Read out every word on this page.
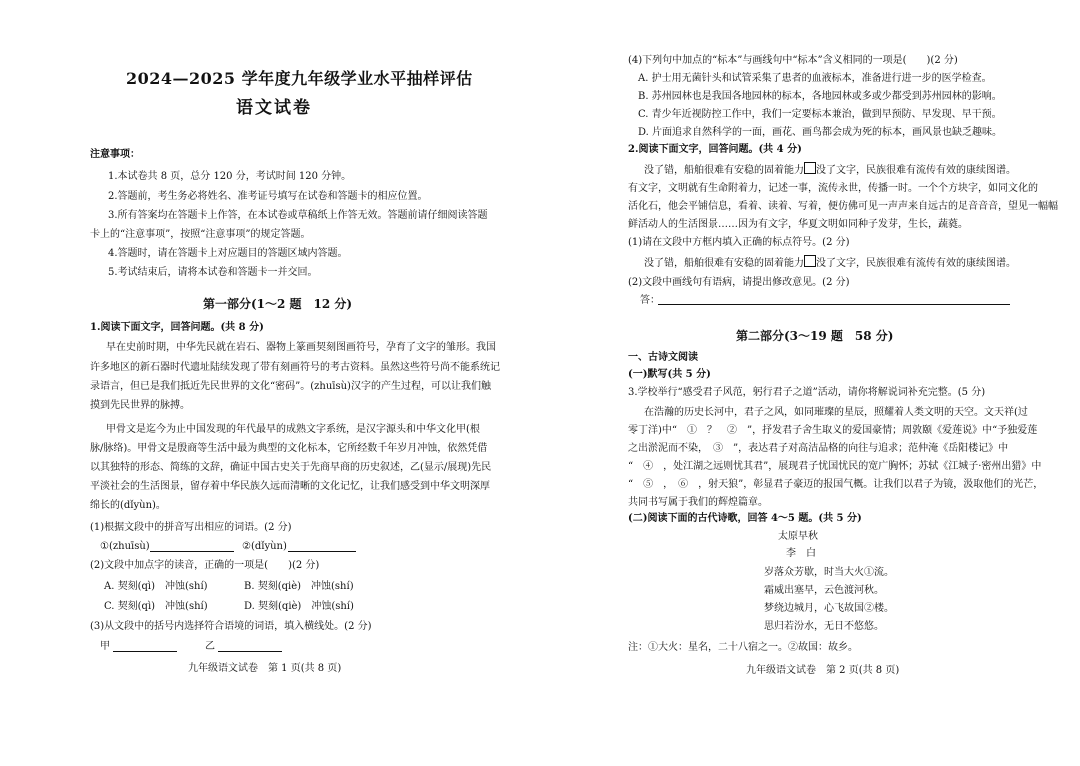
2024—2025 学年度九年级学业水平抽样评估
语文试卷
注意事项：
1.本试卷共 8 页，总分 120 分，考试时间 120 分钟。
2.答题前，考生务必将姓名、准考证号填写在试卷和答题卡的相应位置。
3.所有答案均在答题卡上作答，在本试卷或草稿纸上作答无效。答题前请仔细阅读答题
卡上的“注意事项”，按照“注意事项”的规定答题。
4.答题时，请在答题卡上对应题目的答题区域内答题。
5.考试结束后，请将本试卷和答题卡一并交回。
第一部分(1～2 题　12 分)
1.阅读下面文字，回答问题。(共 8 分)
早在史前时期，中华先民就在岩石、器物上篆画契刻图画符号，孕育了文字的雏形。我国
许多地区的新石器时代遗址陆续发现了带有刻画符号的考古资料。虽然这些符号尚不能系统记
录语言，但已是我们抵近先民世界的文化“密码”。(zhuīsù)汉字的产生过程，可以让我们触
摸到先民世界的脉搏。
甲骨文是迄今为止中国发现的年代最早的成熟文字系统，是汉字源头和中华文化甲(根
脉/脉络)。甲骨文是殷商等生活中最为典型的文化标本，它所经数千年岁月冲蚀，依然凭借
以其独特的形态、简练的文辞，确证中国古史关于先商早商的历史叙述，乙(显示/展现)先民
平淡社会的生活图景，留存着中华民族久远而清晰的文化记忆，让我们感受到中华文明深厚
绵长的(dǐyùn)。
(1)根据文段中的拼音写出相应的词语。(2 分)
①(zhuīsù)	②(dǐyùn)
(2)文段中加点字的读音，正确的一项是(　　)(2 分)
A. 契刻(qì)　冲蚀(shí)	B. 契刻(qiè)　冲蚀(shí)
C. 契刻(qì)　冲蚀(shí)	D. 契刻(qiè)　冲蚀(shí)
(3)从文段中的括号内选择符合语境的词语，填入横线处。(2 分)
甲	乙
九年级语文试卷　第 1 页(共 8 页)
(4)下列句中加点的“标本”与画线句中“标本”含义相同的一项是(　　)(2 分)
A. 护士用无菌针头和试管采集了患者的血液标本，准备进行进一步的医学检查。
B. 苏州园林也是我国各地园林的标本，各地园林或多或少都受到苏州园林的影响。
C. 青少年近视防控工作中，我们一定要标本兼治，做到早预防、早发现、早干预。
D. 片面追求自然科学的一面，画花、画鸟都会成为死的标本，画风景也缺乏趣味。
2.阅读下面文字，回答问题。(共 4 分)
没了错，船舶很难有安稳的固着能力 没了文字，民族很难有流传有效的康续图谱。
有文字，文明就有生命附着力，记述一事，流传永世，传播一时。一个个方块字，如同文化的
活化石，他会平铺信息，看着、读着、写着，便仿佛可见一声声来自远古的足音音音，望见一幅幅
鲜活动人的生活图景……因为有文字，华夏文明如同种子发芽，生长，蔬蕤。
(1)请在文段中方框内填入正确的标点符号。(2 分)
没了错，船舶很难有安稳的固着能力 没了文字，民族很难有流传有效的康续图谱。
(2)文段中画线句有语病，请提出修改意见。(2 分)
答：
第二部分(3～19 题　58 分)
一、古诗文阅读
(一)默写(共 5 分)
3.学校举行“感受君子风范，躬行君子之道”活动，请你将解说词补充完整。(5 分)
在浩瀚的历史长河中，君子之风，如同璀璨的星辰，照耀着人类文明的天空。文天祥(过
零丁洋)中“　①　？　②　”，抒发君子舍生取义的爱国豪情；周敦颐《爱莲说》中“予独爱莲
之出淤泥而不染，　③　”，表达君子对高洁品格的向往与追求；范仲淹《岳阳楼记》中
“　④　，处江湖之远则忧其君”，展现君子忧国忧民的宽广胸怀；苏轼《江城子·密州出猎》中
“　⑤　，　⑥　，射天狼”，彰显君子豪迈的报国气概。让我们以君子为镜，汲取他们的光芒，
共同书写属于我们的辉煌篇章。
(二)阅读下面的古代诗歌，回答 4～5 题。(共 5 分)
太原早秋
李　白
岁落众芳歇，时当大火①流。
霜威出塞早，云色渡河秋。
梦绕边城月，心飞故国②楼。
思归若汾水，无日不悠悠。
注：①大火：星名，二十八宿之一。②故国：故乡。
九年级语文试卷　第 2 页(共 8 页)
